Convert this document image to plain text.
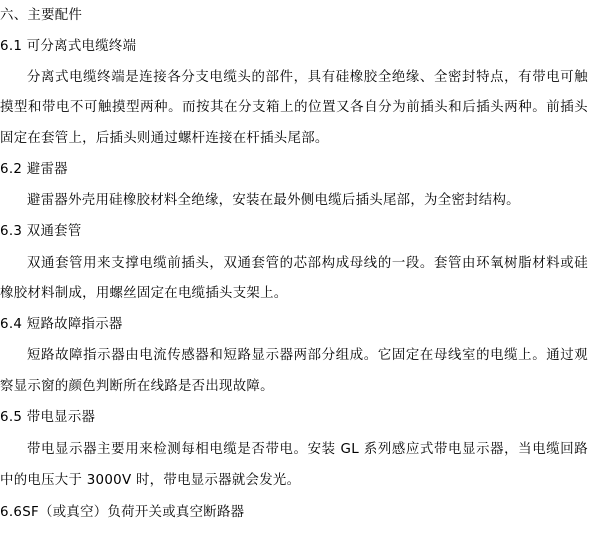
六、主要配件
6.1 可分离式电缆终端
分离式电缆终端是连接各分支电缆头的部件，具有硅橡胶全绝缘、全密封特点，有带电可触
摸型和带电不可触摸型两种。而按其在分支箱上的位置又各自分为前插头和后插头两种。前插头
固定在套管上，后插头则通过螺杆连接在杆插头尾部。
6.2 避雷器
避雷器外壳用硅橡胶材料全绝缘，安装在最外侧电缆后插头尾部，为全密封结构。
6.3 双通套管
双通套管用来支撑电缆前插头，双通套管的芯部构成母线的一段。套管由环氧树脂材料或硅
橡胶材料制成，用螺丝固定在电缆插头支架上。
6.4 短路故障指示器
短路故障指示器由电流传感器和短路显示器两部分组成。它固定在母线室的电缆上。通过观
察显示窗的颜色判断所在线路是否出现故障。
6.5 带电显示器
带电显示器主要用来检测每相电缆是否带电。安装 GL 系列感应式带电显示器，当电缆回路
中的电压大于 3000V 时，带电显示器就会发光。
6.6SF（或真空）负荷开关或真空断路器
